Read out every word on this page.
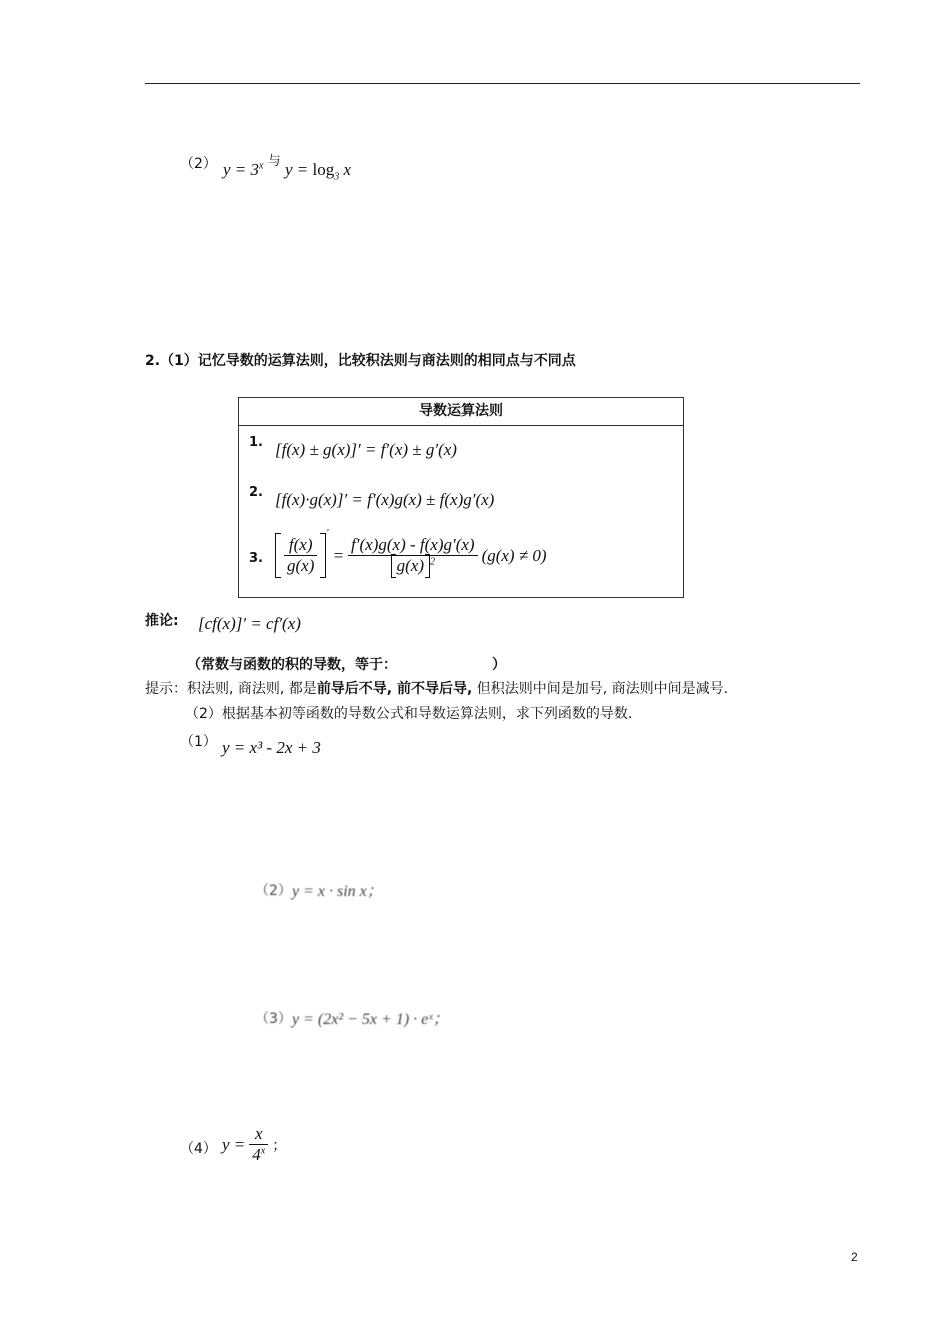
（2） $y = 3^x$ $^与$ $y = \log_3 x$
2.（1）记忆导数的运算法则，比较积法则与商法则的相同点与不同点
导数运算法则
1. [f(x) ± g(x)]′ = f′(x) ± g′(x)
2. [f(x)·g(x)]′ = f′(x)g(x) ± f(x)g′(x)
3. $\frac{f(x)}{g(x)}$
′
= $\frac{f'(x)g(x) - f(x)g'(x)}{g(x) ^2} (g(x) \ne 0)$
推论: [cf(x)]′ = cf′(x)
（常数与函数的积的导数，等于：	）
提示：积法则, 商法则, 都是前导后不导, 前不导后导, 但积法则中间是加号, 商法则中间是减号.
（2）根据基本初等函数的导数公式和导数运算法则，求下列函数的导数.
（1） y = x³ - 2x + 3
（2） y = x · sin x；
（3） y = (2x² − 5x + 1) · eˣ；
（4） $y = \frac{x}{4^x}$ ；
2
